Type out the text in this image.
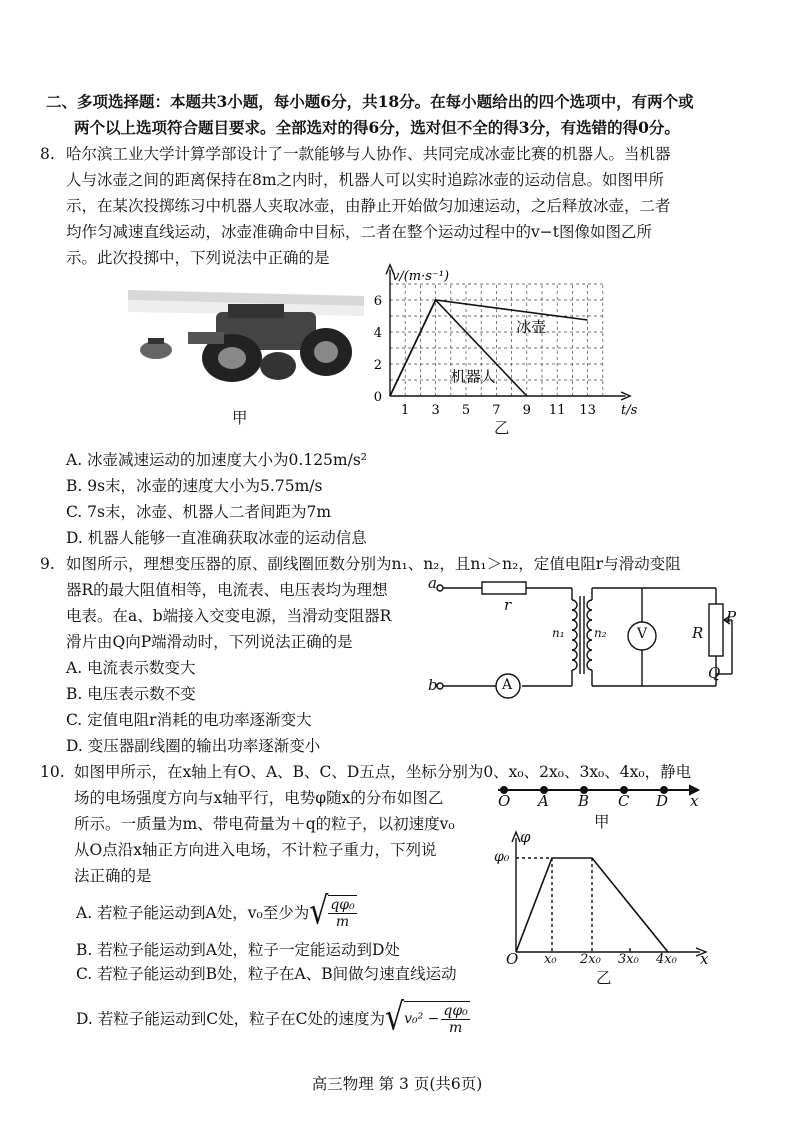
二、多项选择题：本题共3小题，每小题6分，共18分。在每小题给出的四个选项中，有两个或
两个以上选项符合题目要求。全部选对的得6分，选对但不全的得3分，有选错的得0分。
8. 哈尔滨工业大学计算学部设计了一款能够与人协作、共同完成冰壶比赛的机器人。当机器
人与冰壶之间的距离保持在8m之内时，机器人可以实时追踪冰壶的运动信息。如图甲所
示，在某次投掷练习中机器人夹取冰壶，由静止开始做匀加速运动，之后释放冰壶，二者
均作匀减速直线运动，冰壶准确命中目标，二者在整个运动过程中的v−t图像如图乙所
示。此次投掷中，下列说法中正确的是
甲	1 3 5 7 9 11 13
2
4
6
0
v/(m·s⁻¹)
t/s
冰壶
机器人
乙
A. 冰壶减速运动的加速度大小为0.125m/s²
B. 9s末，冰壶的速度大小为5.75m/s
C. 7s末，冰壶、机器人二者间距为7m
D. 机器人能够一直准确获取冰壶的运动信息
9. 如图所示，理想变压器的原、副线圈匝数分别为n₁、n₂，且n₁＞n₂，定值电阻r与滑动变阻
器R的最大阻值相等，电流表、电压表均为理想
电表。在a、b端接入交变电源，当滑动变阻器R
滑片由Q向P端滑动时，下列说法正确的是
A. 电流表示数变大
B. 电压表示数不变
C. 定值电阻r消耗的电功率逐渐变大
D. 变压器副线圈的输出功率逐渐变小
a
b
r
n₁ n₂ V
A
R
P
Q
10. 如图甲所示，在x轴上有O、A、B、C、D五点，坐标分别为0、x₀、2x₀、3x₀、4x₀，静电
场的电场强度方向与x轴平行，电势φ随x的分布如图乙
所示。一质量为m、带电荷量为＋q的粒子，以初速度v₀
从O点沿x轴正方向进入电场，不计粒子重力，下列说
法正确的是
O A B C D x
甲
φ
φ₀
O x₀ 2x₀ 3x₀ 4x₀ x
乙
A. 若粒子能运动到A处，v₀至少为 √ $\frac{\text{qφ₀}}{m}$
B. 若粒子能运动到A处，粒子一定能运动到D处
C. 若粒子能运动到B处，粒子在A、B间做匀速直线运动
D. 若粒子能运动到C处，粒子在C处的速度为 √ $v_0^2 - \frac{\text{qφ₀}}{m}$
高三物理 第 3 页(共6页)
